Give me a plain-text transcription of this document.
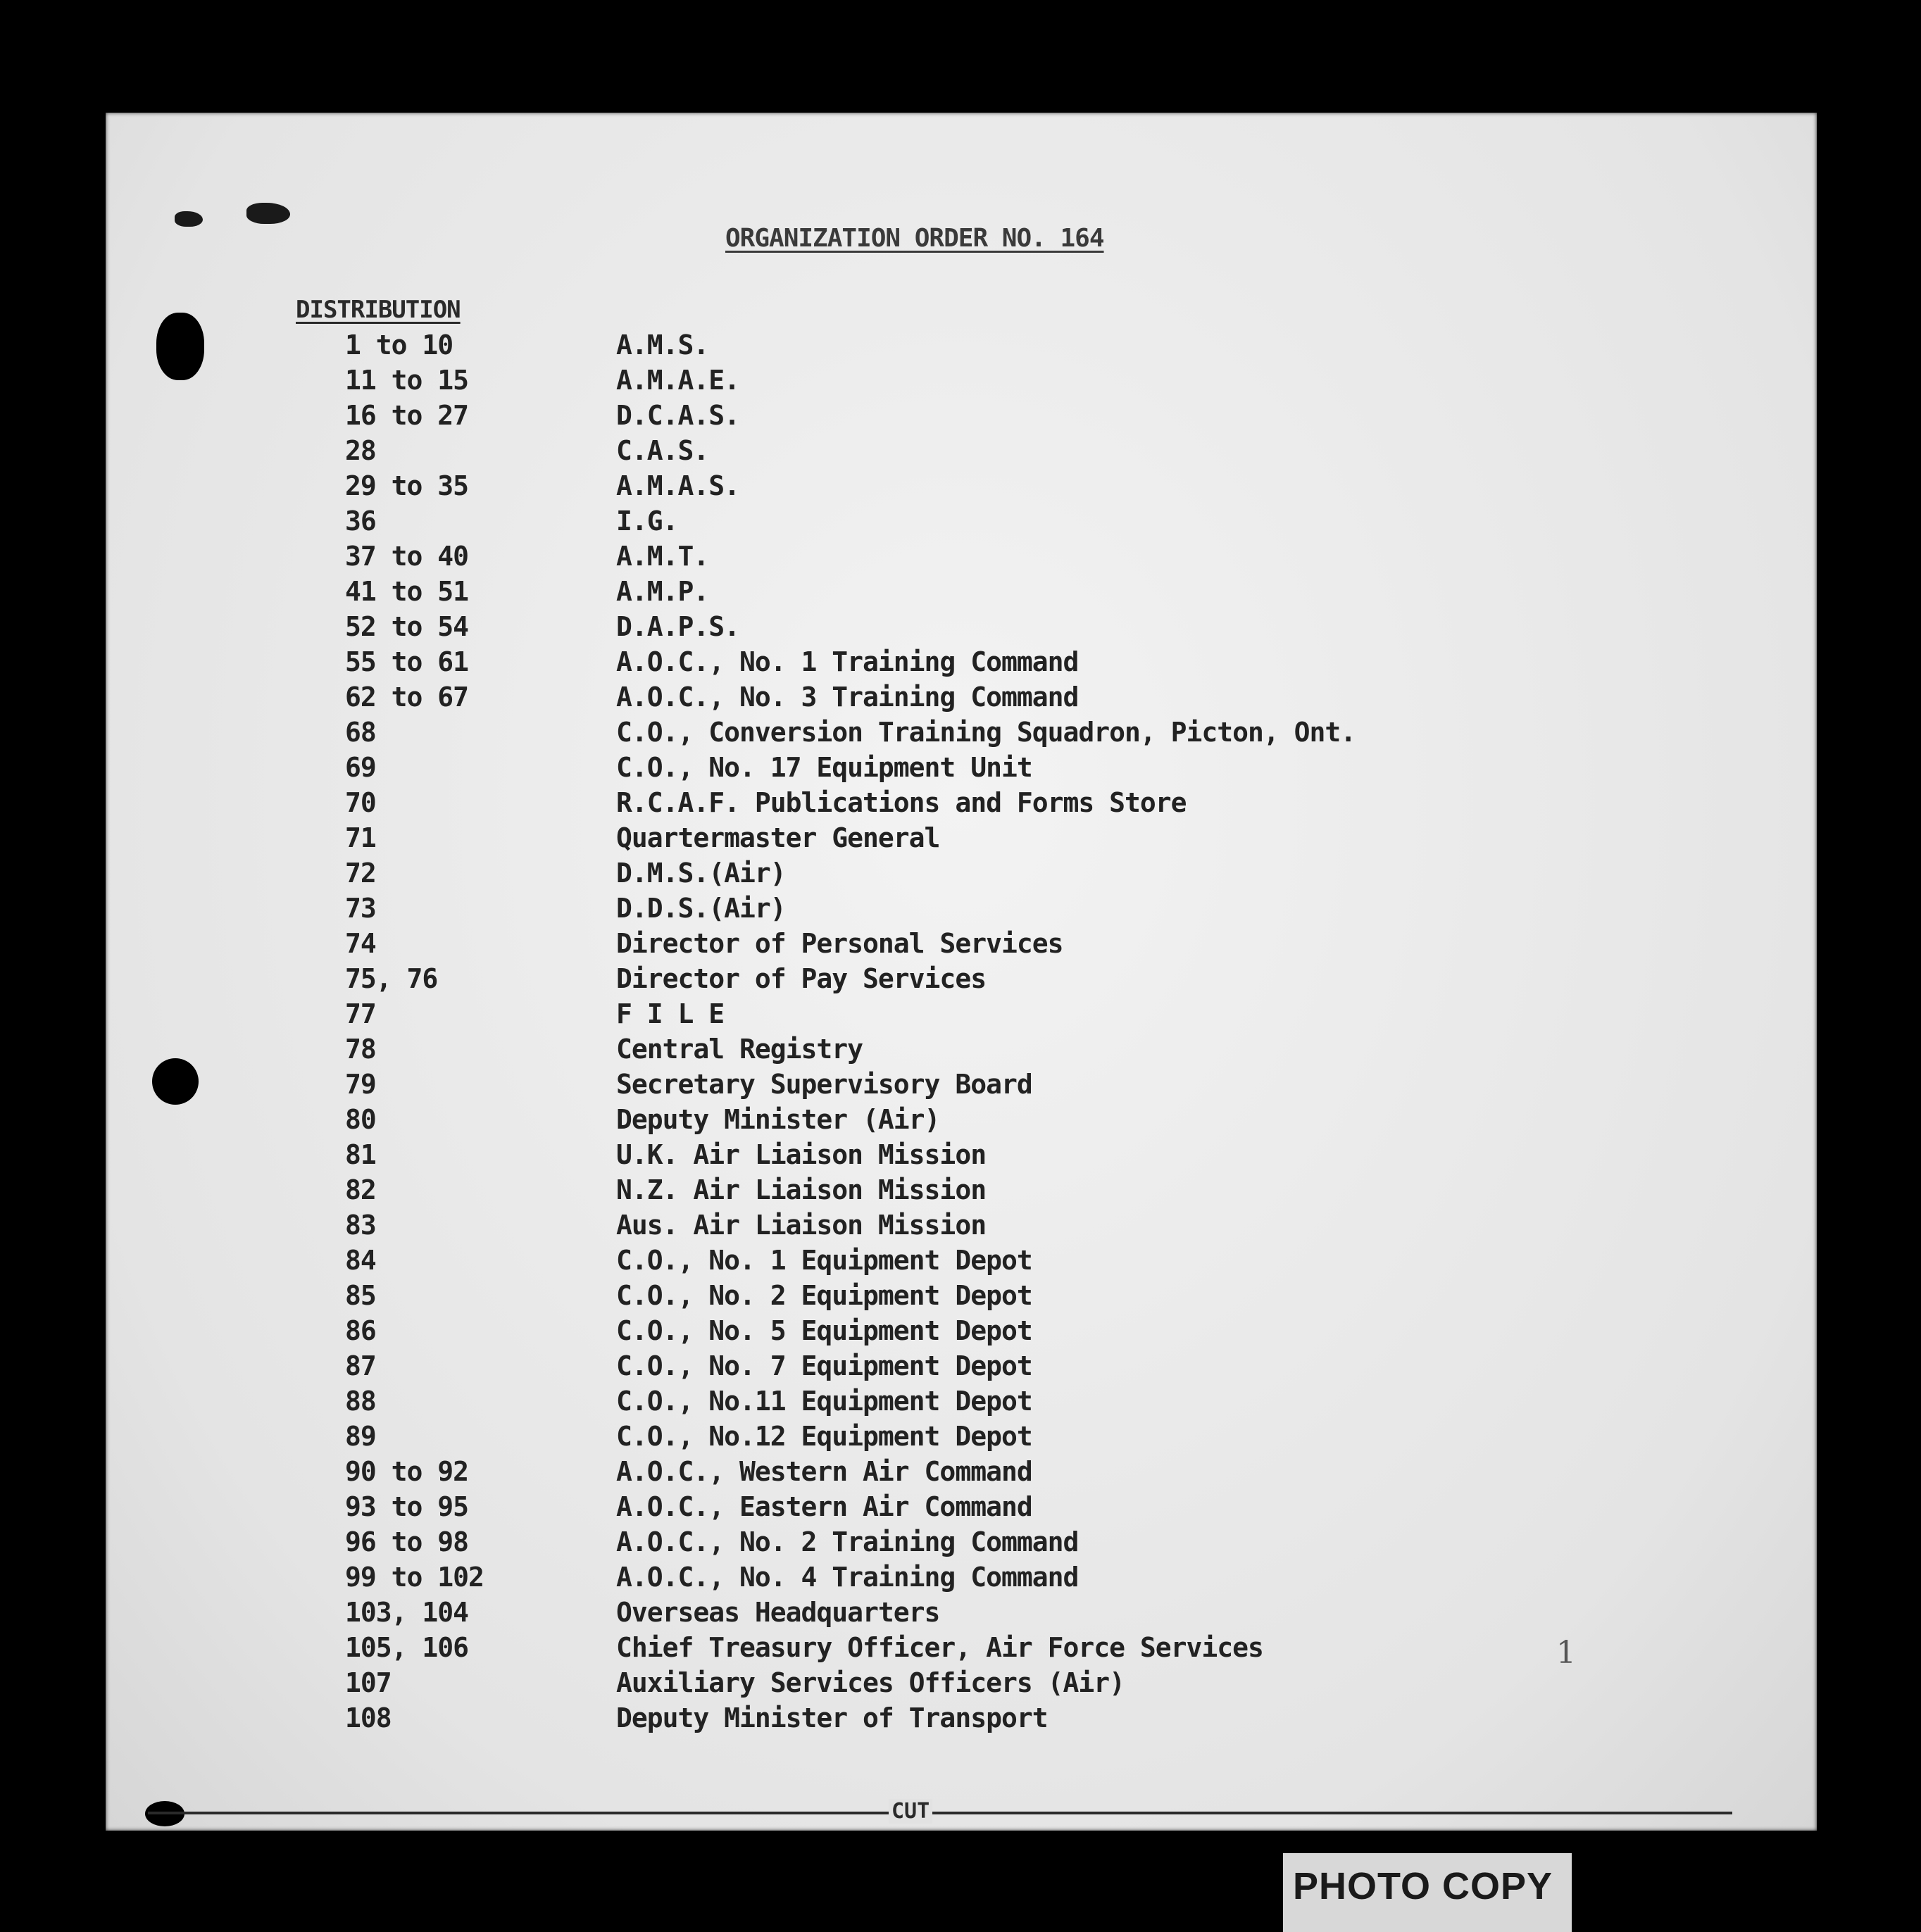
ORGANIZATION ORDER NO. 164
DISTRIBUTION
1 to 10	A.M.S.
11 to 15	A.M.A.E.
16 to 27	D.C.A.S.
28	C.A.S.
29 to 35	A.M.A.S.
36	I.G.
37 to 40	A.M.T.
41 to 51	A.M.P.
52 to 54	D.A.P.S.
55 to 61	A.O.C., No. 1 Training Command
62 to 67	A.O.C., No. 3 Training Command
68	C.O., Conversion Training Squadron, Picton, Ont.
69	C.O., No. 17 Equipment Unit
70	R.C.A.F. Publications and Forms Store
71	Quartermaster General
72	D.M.S.(Air)
73	D.D.S.(Air)
74	Director of Personal Services
75, 76	Director of Pay Services
77	F I L E
78	Central Registry
79	Secretary Supervisory Board
80	Deputy Minister (Air)
81	U.K. Air Liaison Mission
82	N.Z. Air Liaison Mission
83	Aus. Air Liaison Mission
84	C.O., No. 1 Equipment Depot
85	C.O., No. 2 Equipment Depot
86	C.O., No. 5 Equipment Depot
87	C.O., No. 7 Equipment Depot
88	C.O., No.11 Equipment Depot
89	C.O., No.12 Equipment Depot
90 to 92	A.O.C., Western Air Command
93 to 95	A.O.C., Eastern Air Command
96 to 98	A.O.C., No. 2 Training Command
99 to 102	A.O.C., No. 4 Training Command
103, 104	Overseas Headquarters
105, 106	Chief Treasury Officer, Air Force Services
107	Auxiliary Services Officers (Air)
108	Deputy Minister of Transport
1
CUT
PHOTO COPY
